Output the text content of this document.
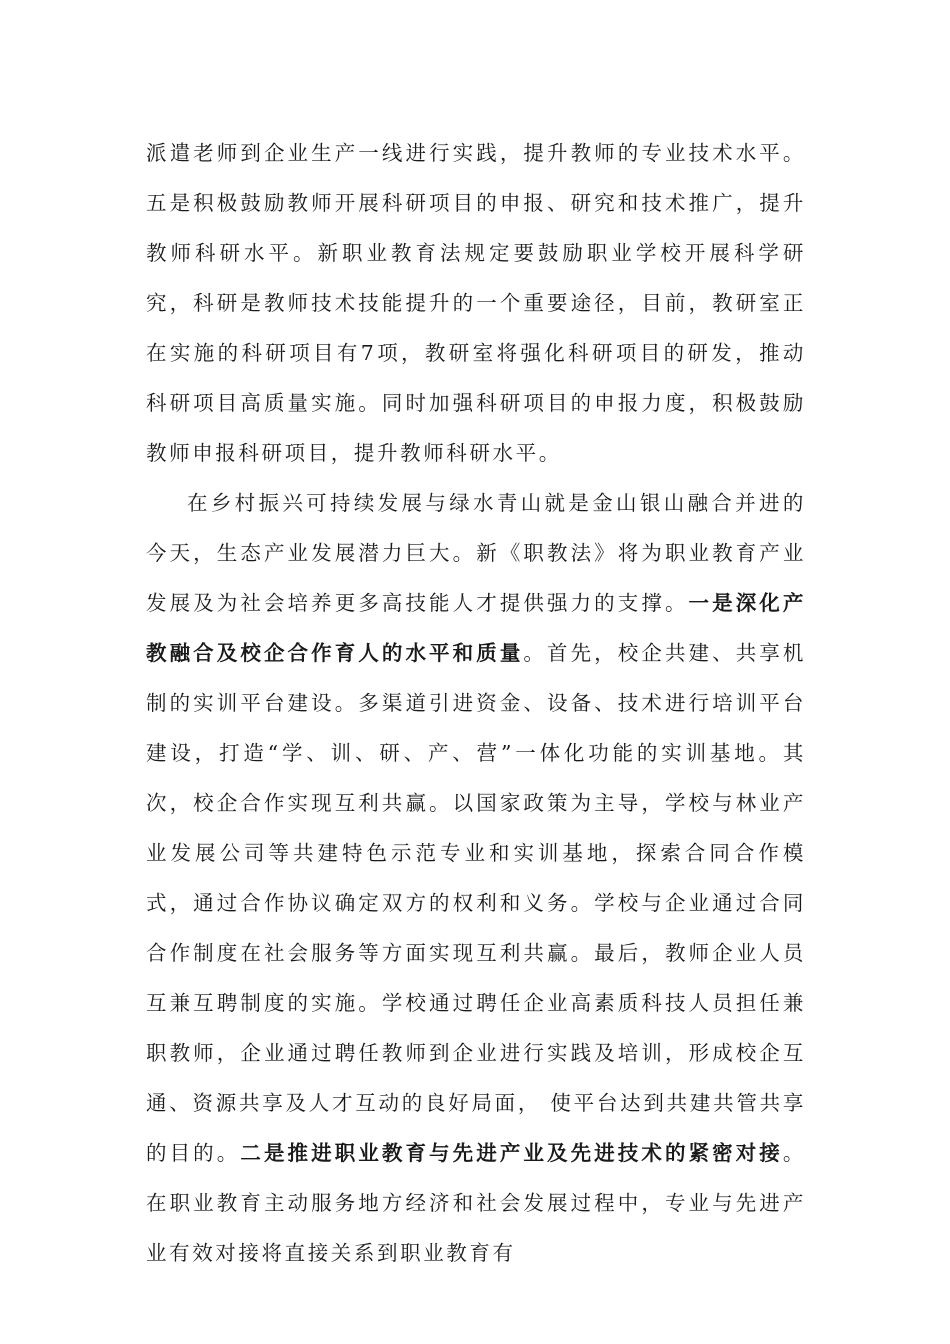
派遣老师到企业生产一线进行实践，提升教师的专业技术水平。五是积极鼓励教师开展科研项目的申报、研究和技术推广，提升教师科研水平。新职业教育法规定要鼓励职业学校开展科学研究，科研是教师技术技能提升的一个重要途径，目前，教研室正在实施的科研项目有7项，教研室将强化科研项目的研发，推动科研项目高质量实施。同时加强科研项目的申报力度，积极鼓励教师申报科研项目，提升教师科研水平。

在乡村振兴可持续发展与绿水青山就是金山银山融合并进的今天，生态产业发展潜力巨大。新《职教法》将为职业教育产业发展及为社会培养更多高技能人才提供强力的支撑。一是深化产教融合及校企合作育人的水平和质量。首先，校企共建、共享机制的实训平台建设。多渠道引进资金、设备、技术进行培训平台建设，打造“学、训、研、产、营”一体化功能的实训基地。其次，校企合作实现互利共赢。以国家政策为主导，学校与林业产业发展公司等共建特色示范专业和实训基地，探索合同合作模式，通过合作协议确定双方的权利和义务。学校与企业通过合同合作制度在社会服务等方面实现互利共赢。最后，教师企业人员互兼互聘制度的实施。学校通过聘任企业高素质科技人员担任兼职教师，企业通过聘任教师到企业进行实践及培训，形成校企互通、资源共享及人才互动的良好局面， 使平台达到共建共管共享的目的。二是推进职业教育与先进产业及先进技术的紧密对接。在职业教育主动服务地方经济和社会发展过程中，专业与先进产业有效对接将直接关系到职业教育有
